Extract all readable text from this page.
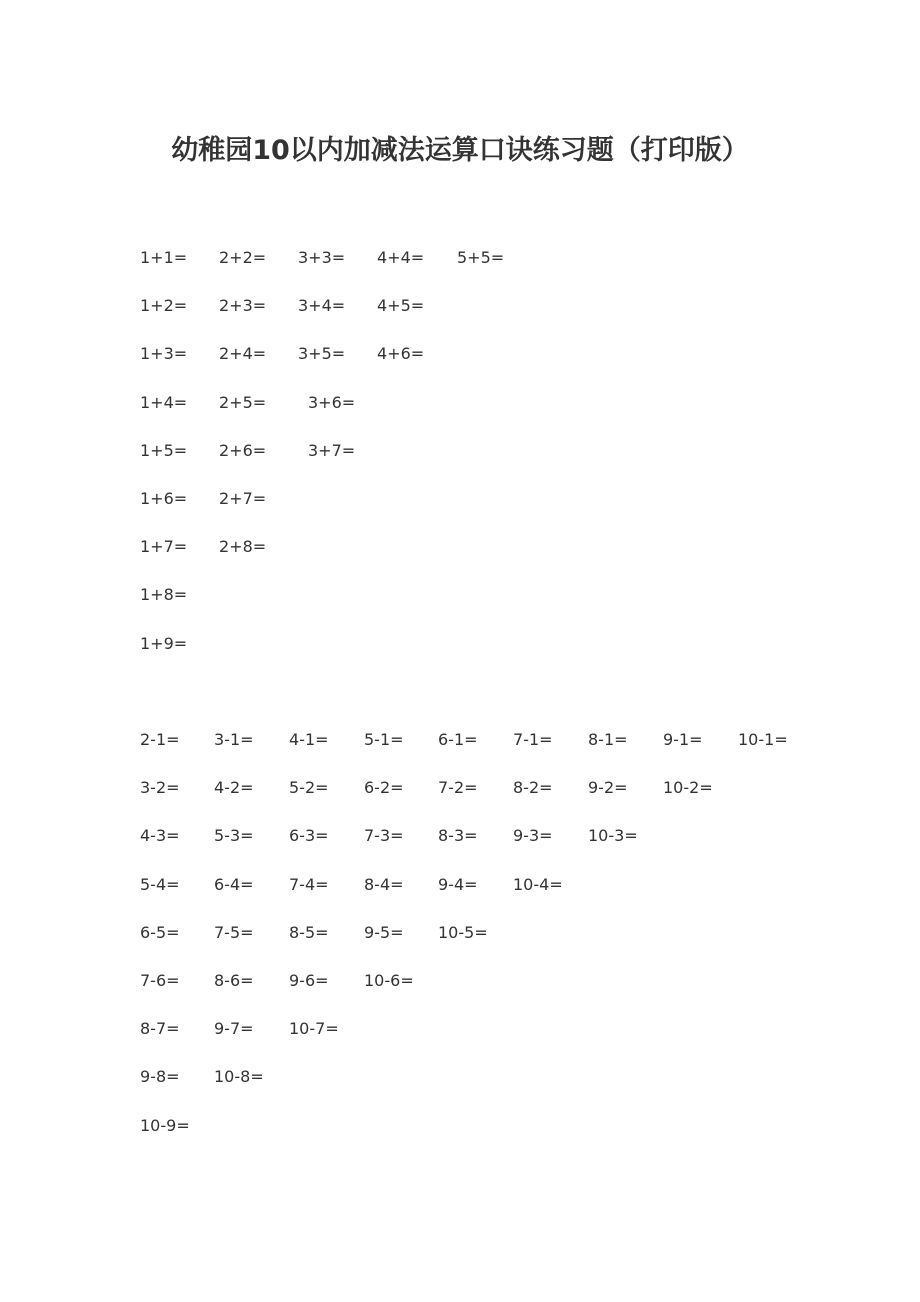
幼稚园10以内加减法运算口诀练习题（打印版）
1+1= 2+2= 3+3= 4+4= 5+5=
1+2= 2+3= 3+4= 4+5=
1+3= 2+4= 3+5= 4+6=
1+4= 2+5=	3+6=
1+5= 2+6=	3+7=
1+6= 2+7=
1+7= 2+8=
1+8=
1+9=
2-1= 3-1= 4-1= 5-1= 6-1= 7-1= 8-1= 9-1= 10-1=
3-2= 4-2= 5-2= 6-2= 7-2= 8-2= 9-2= 10-2=
4-3= 5-3= 6-3= 7-3= 8-3= 9-3= 10-3=
5-4= 6-4= 7-4= 8-4= 9-4= 10-4=
6-5= 7-5= 8-5= 9-5= 10-5=
7-6= 8-6= 9-6= 10-6=
8-7= 9-7= 10-7=
9-8= 10-8=
10-9=
